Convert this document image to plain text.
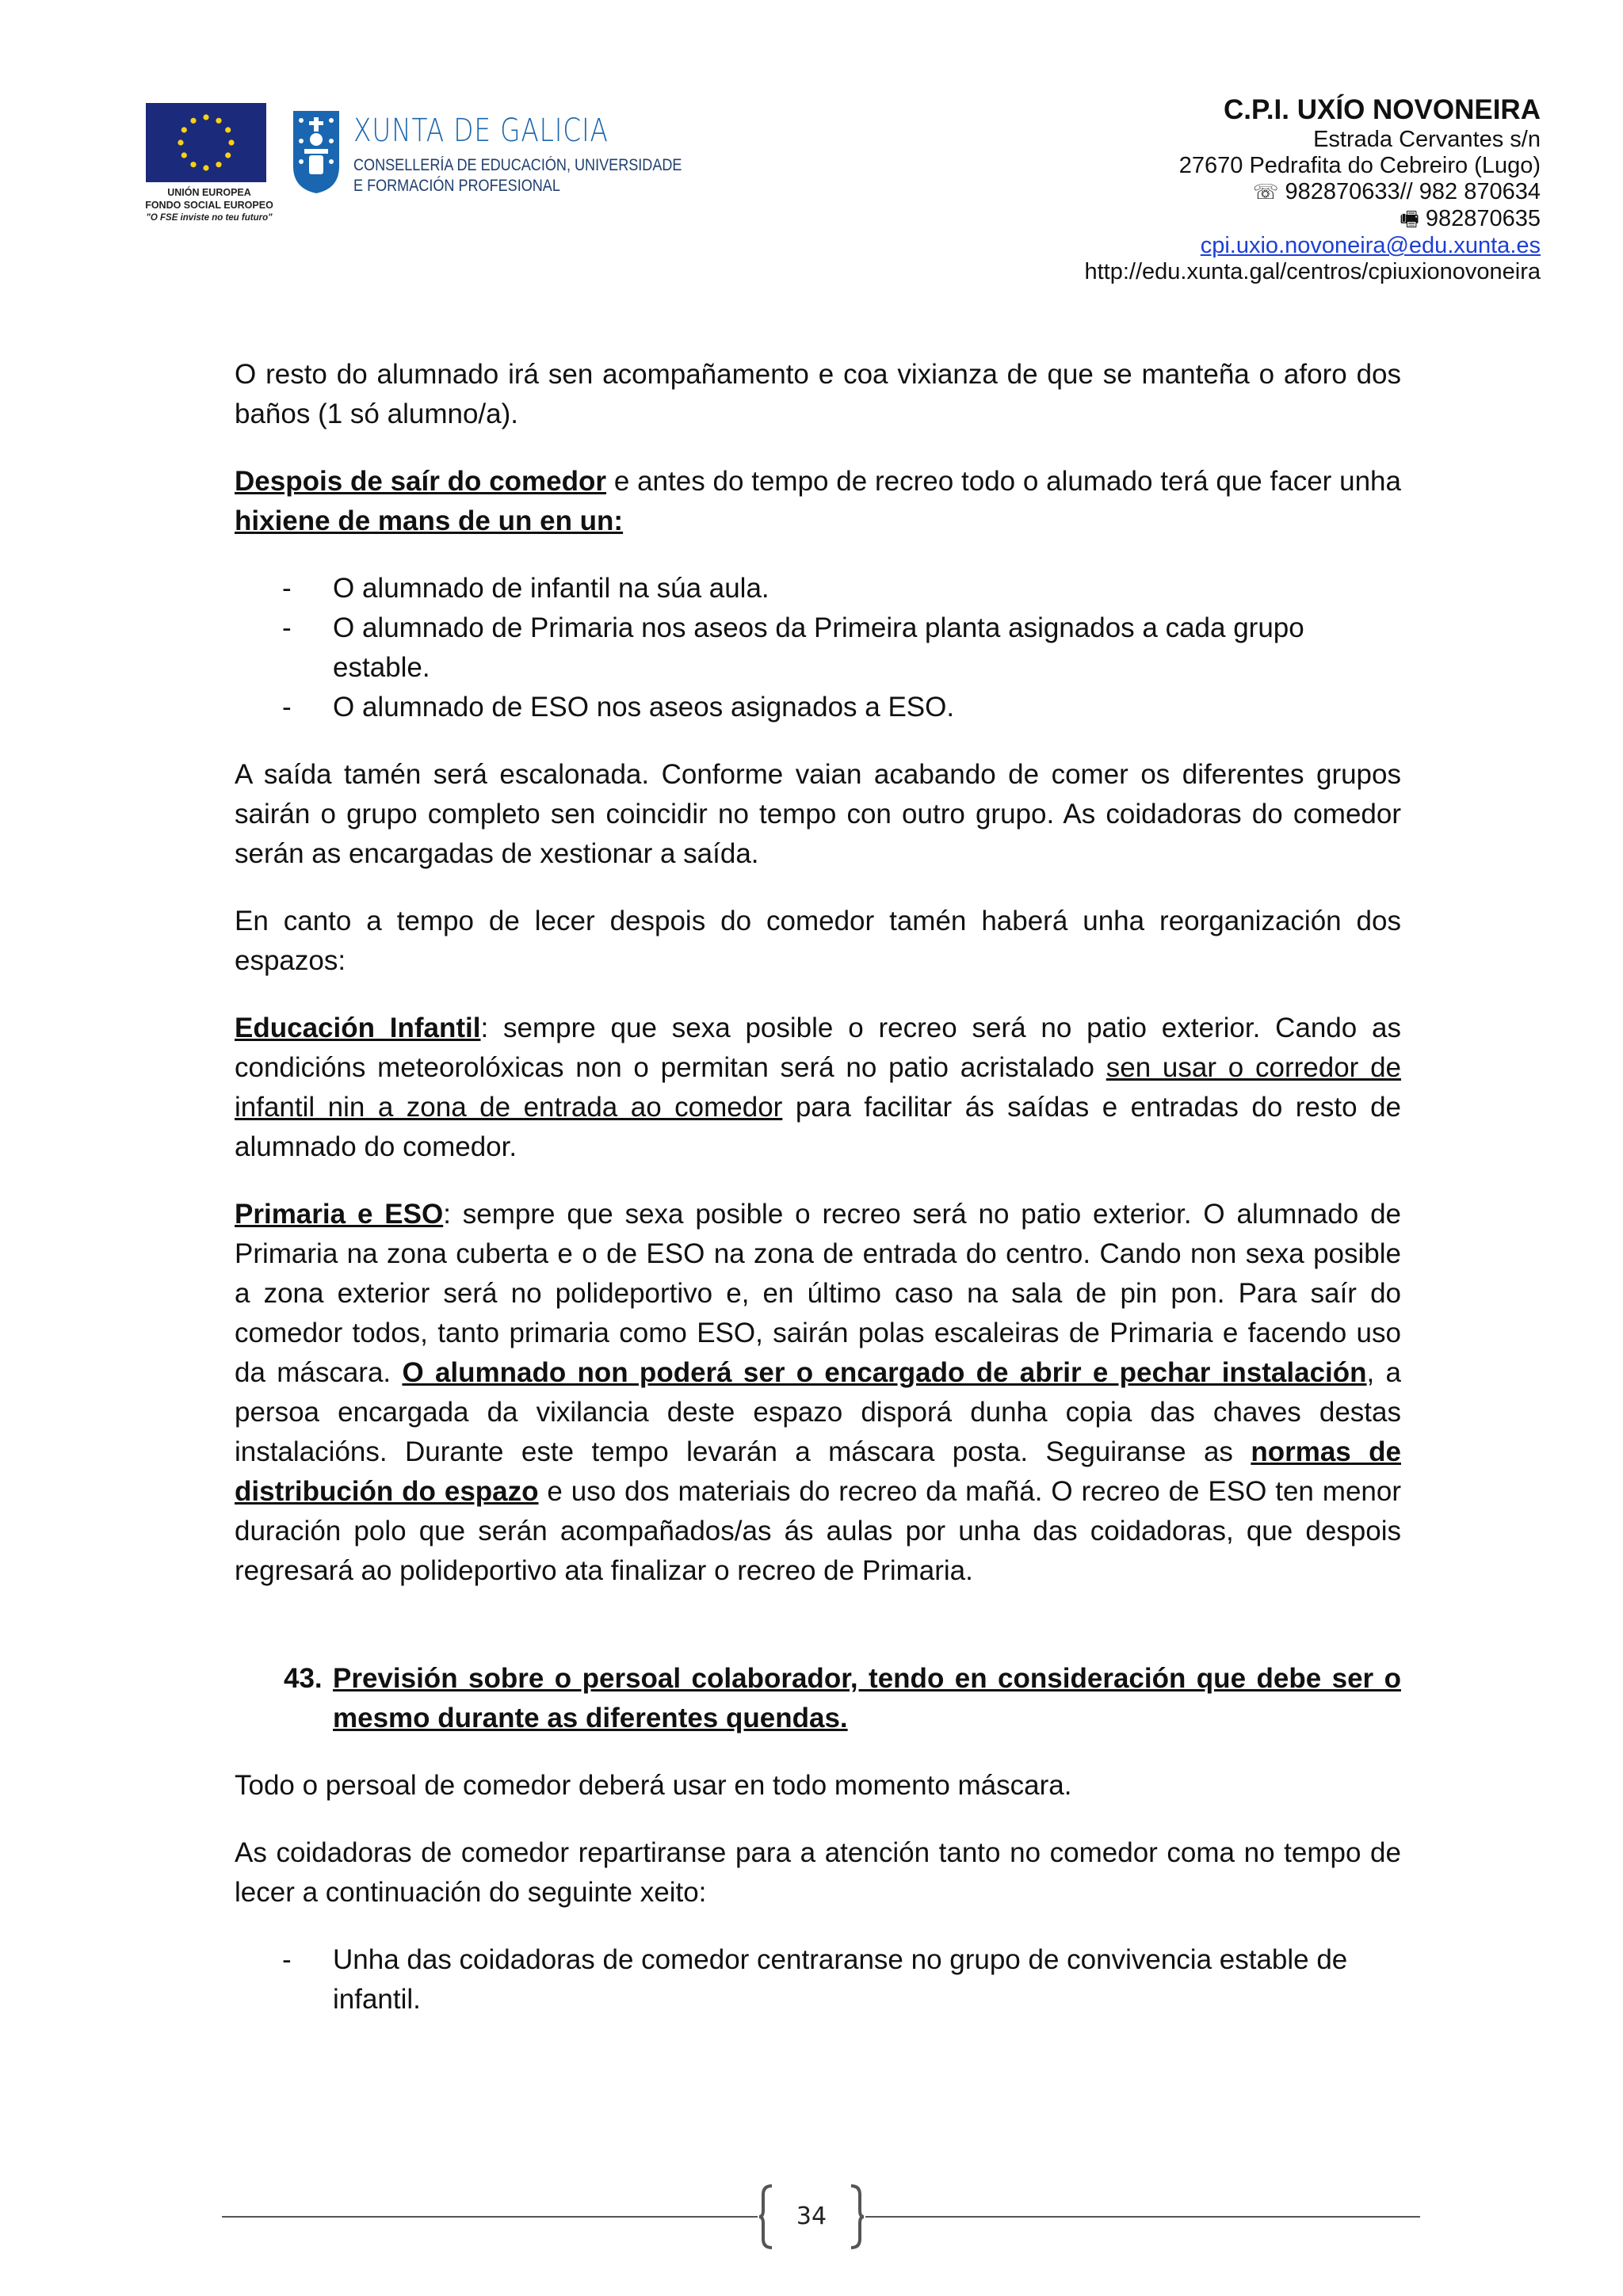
UNIÓN EUROPEA
FONDO SOCIAL EUROPEO
"O FSE inviste no teu futuro"
XUNTA DE GALICIA
CONSELLERÍA DE EDUCACIÓN, UNIVERSIDADE
E FORMACIÓN PROFESIONAL
C.P.I. UXÍO NOVONEIRA
Estrada Cervantes s/n
27670 Pedrafita do Cebreiro (Lugo)
☏ 982870633// 982 870634
🖷 982870635
cpi.uxio.novoneira@edu.xunta.es
http://edu.xunta.gal/centros/cpiuxionovoneira

O resto do alumnado irá sen acompañamento e coa vixianza de que se manteña o aforo dos baños (1 só alumno/a).

Despois de saír do comedor e antes do tempo de recreo todo o alumado terá que facer unha hixiene de mans de un en un:

- O alumnado de infantil na súa aula.
- O alumnado de Primaria nos aseos da Primeira planta asignados a cada grupo estable.
- O alumnado de ESO nos aseos asignados a ESO.

A saída tamén será escalonada. Conforme vaian acabando de comer os diferentes grupos sairán o grupo completo sen coincidir no tempo con outro grupo. As coidadoras do comedor serán as encargadas de xestionar a saída.

En canto a tempo de lecer despois do comedor tamén haberá unha reorganización dos espazos:

Educación Infantil: sempre que sexa posible o recreo será no patio exterior. Cando as condicións meteorolóxicas non o permitan será no patio acristalado sen usar o corredor de infantil nin a zona de entrada ao comedor para facilitar ás saídas e entradas do resto de alumnado do comedor.

Primaria e ESO: sempre que sexa posible o recreo será no patio exterior. O alumnado de Primaria na zona cuberta e o de ESO na zona de entrada do centro. Cando non sexa posible a zona exterior será no polideportivo e, en último caso na sala de pin pon. Para saír do comedor todos, tanto primaria como ESO, sairán polas escaleiras de Primaria e facendo uso da máscara. O alumnado non poderá ser o encargado de abrir e pechar instalación, a persoa encargada da vixilancia deste espazo disporá dunha copia das chaves destas instalacións. Durante este tempo levarán a máscara posta. Seguiranse as normas de distribución do espazo e uso dos materiais do recreo da mañá. O recreo de ESO ten menor duración polo que serán acompañados/as ás aulas por unha das coidadoras, que despois regresará ao polideportivo ata finalizar o recreo de Primaria.

43. Previsión sobre o persoal colaborador, tendo en consideración que debe ser o mesmo durante as diferentes quendas.

Todo o persoal de comedor deberá usar en todo momento máscara.

As coidadoras de comedor repartiranse para a atención tanto no comedor coma no tempo de lecer a continuación do seguinte xeito:

- Unha das coidadoras de comedor centraranse no grupo de convivencia estable de infantil.
34
